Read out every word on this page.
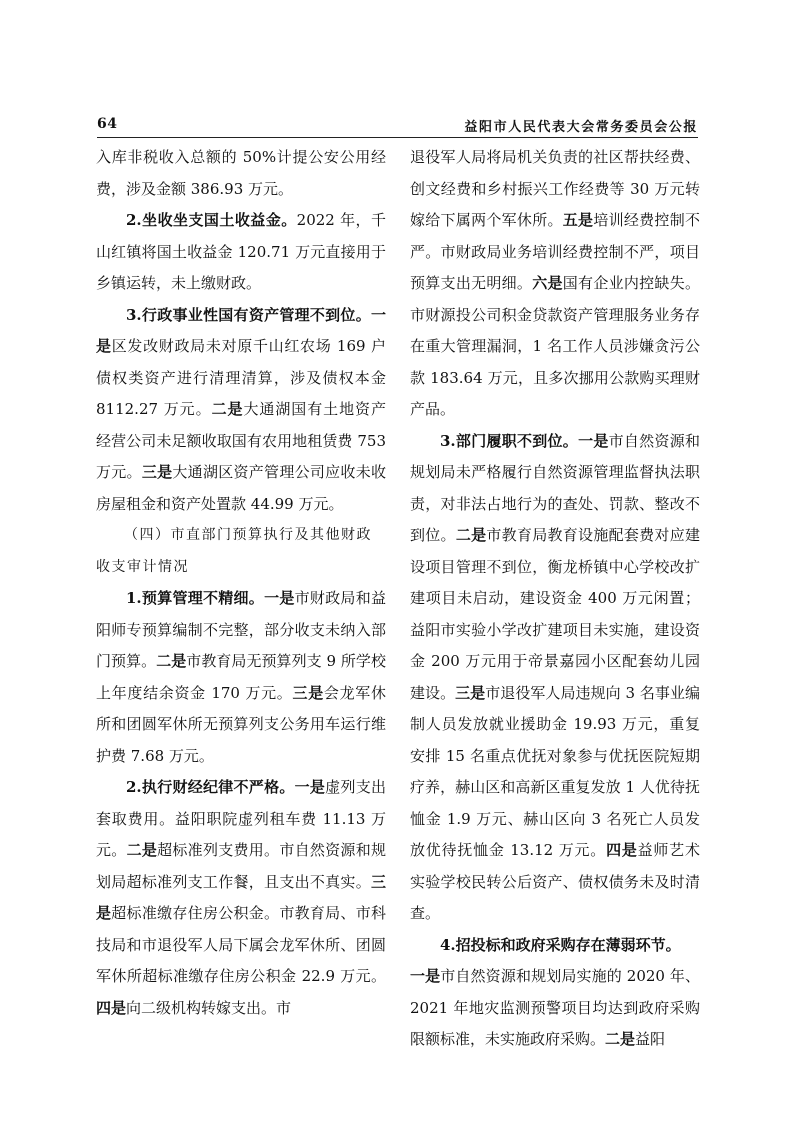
64	益阳市人民代表大会常务委员会公报

入库非税收入总额的 50%计提公安公用经费，涉及金额 386.93 万元。

2.坐收坐支国土收益金。2022 年，千山红镇将国土收益金 120.71 万元直接用于乡镇运转，未上缴财政。

3.行政事业性国有资产管理不到位。一是区发改财政局未对原千山红农场 169 户债权类资产进行清理清算，涉及债权本金 8112.27 万元。二是大通湖国有土地资产经营公司未足额收取国有农用地租赁费 753 万元。三是大通湖区资产管理公司应收未收房屋租金和资产处置款 44.99 万元。

（四）市直部门预算执行及其他财政收支审计情况

1.预算管理不精细。一是市财政局和益阳师专预算编制不完整，部分收支未纳入部门预算。二是市教育局无预算列支 9 所学校上年度结余资金 170 万元。三是会龙军休所和团圆军休所无预算列支公务用车运行维护费 7.68 万元。

2.执行财经纪律不严格。一是虚列支出套取费用。益阳职院虚列租车费 11.13 万元。二是超标准列支费用。市自然资源和规划局超标准列支工作餐，且支出不真实。三是超标准缴存住房公积金。市教育局、市科技局和市退役军人局下属会龙军休所、团圆军休所超标准缴存住房公积金 22.9 万元。四是向二级机构转嫁支出。市

退役军人局将局机关负责的社区帮扶经费、创文经费和乡村振兴工作经费等 30 万元转嫁给下属两个军休所。五是培训经费控制不严。市财政局业务培训经费控制不严，项目预算支出无明细。六是国有企业内控缺失。市财源投公司积金贷款资产管理服务业务存在重大管理漏洞，1 名工作人员涉嫌贪污公款 183.64 万元，且多次挪用公款购买理财产品。

3.部门履职不到位。一是市自然资源和规划局未严格履行自然资源管理监督执法职责，对非法占地行为的查处、罚款、整改不到位。二是市教育局教育设施配套费对应建设项目管理不到位，衡龙桥镇中心学校改扩建项目未启动，建设资金 400 万元闲置；益阳市实验小学改扩建项目未实施，建设资金 200 万元用于帝景嘉园小区配套幼儿园建设。三是市退役军人局违规向 3 名事业编制人员发放就业援助金 19.93 万元，重复安排 15 名重点优抚对象参与优抚医院短期疗养，赫山区和高新区重复发放 1 人优待抚恤金 1.9 万元、赫山区向 3 名死亡人员发放优待抚恤金 13.12 万元。四是益师艺术实验学校民转公后资产、债权债务未及时清查。

4.招投标和政府采购存在薄弱环节。

一是市自然资源和规划局实施的 2020 年、2021 年地灾监测预警项目均达到政府采购限额标准，未实施政府采购。二是益阳
